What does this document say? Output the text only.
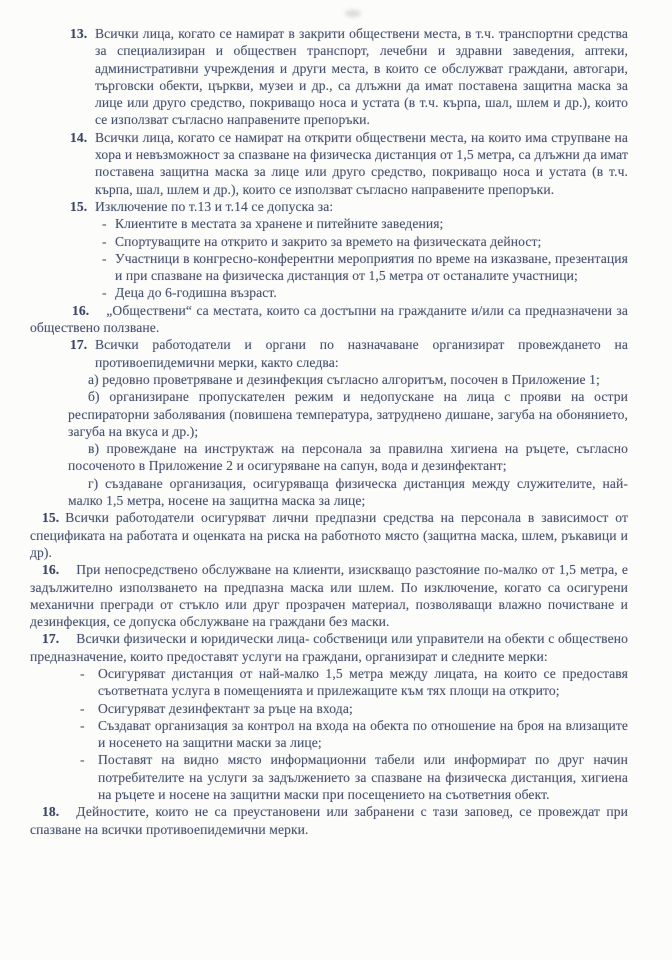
13. Всички лица, когато се намират в закрити обществени места, в т.ч. транспортни средства за специализиран и обществен транспорт, лечебни и здравни заведения, аптеки, административни учреждения и други места, в които се обслужват граждани, автогари, търговски обекти, църкви, музеи и др., са длъжни да имат поставена защитна маска за лице или друго средство, покриващо носа и устата (в т.ч. кърпа, шал, шлем и др.), които се използват съгласно направените препоръки.

14. Всички лица, когато се намират на открити обществени места, на които има струпване на хора и невъзможност за спазване на физическа дистанция от 1,5 метра, са длъжни да имат поставена защитна маска за лице или друго средство, покриващо носа и устата (в т.ч. кърпа, шал, шлем и др.), които се използват съгласно направените препоръки.

15. Изключение по т.13 и т.14 се допуска за:

- Клиентите в местата за хранене и питейните заведения;

- Спортуващите на открито и закрито за времето на физическата дейност;

- Участници в конгресно-конферентни мероприятия по време на изказване, презентация и при спазване на физическа дистанция от 1,5 метра от останалите участници;

- Деца до 6-годишна възраст.

16. „Обществени“ са местата, които са достъпни на гражданите и/или са предназначени за обществено ползване.

17. Всички работодатели и органи по назначаване организират провеждането на противоепидемични мерки, както следва:

а) редовно проветряване и дезинфекция съгласно алгоритъм, посочен в Приложение 1;

б) организиране пропускателен режим и недопускане на лица с прояви на остри респираторни заболявания (повишена температура, затруднено дишане, загуба на обонянието, загуба на вкуса и др.);

в) провеждане на инструктаж на персонала за правилна хигиена на ръцете, съгласно посоченото в Приложение 2 и осигуряване на сапун, вода и дезинфектант;

г) създаване организация, осигуряваща физическа дистанция между служителите, най-малко 1,5 метра, носене на защитна маска за лице;

15. Всички работодатели осигуряват лични предпазни средства на персонала в зависимост от спецификата на работата и оценката на риска на работното място (защитна маска, шлем, ръкавици и др).

16. При непосредствено обслужване на клиенти, изискващо разстояние по-малко от 1,5 метра, е задължително използването на предпазна маска или шлем. По изключение, когато са осигурени механични прегради от стъкло или друг прозрачен материал, позволяващи влажно почистване и дезинфекция, се допуска обслужване на граждани без маски.

17. Всички физически и юридически лица- собственици или управители на обекти с обществено предназначение, които предоставят услуги на граждани, организират и следните мерки:

- Осигуряват дистанция от най-малко 1,5 метра между лицата, на които се предоставя съответната услуга в помещенията и прилежащите към тях площи на открито;

- Осигуряват дезинфектант за ръце на входа;

- Създават организация за контрол на входа на обекта по отношение на броя на влизащите и носенето на защитни маски за лице;

- Поставят на видно място информационни табели или информират по друг начин потребителите на услуги за задължението за спазване на физическа дистанция, хигиена на ръцете и носене на защитни маски при посещението на съответния обект.

18. Дейностите, които не са преустановени или забранени с тази заповед, се провеждат при спазване на всички противоепидемични мерки.
